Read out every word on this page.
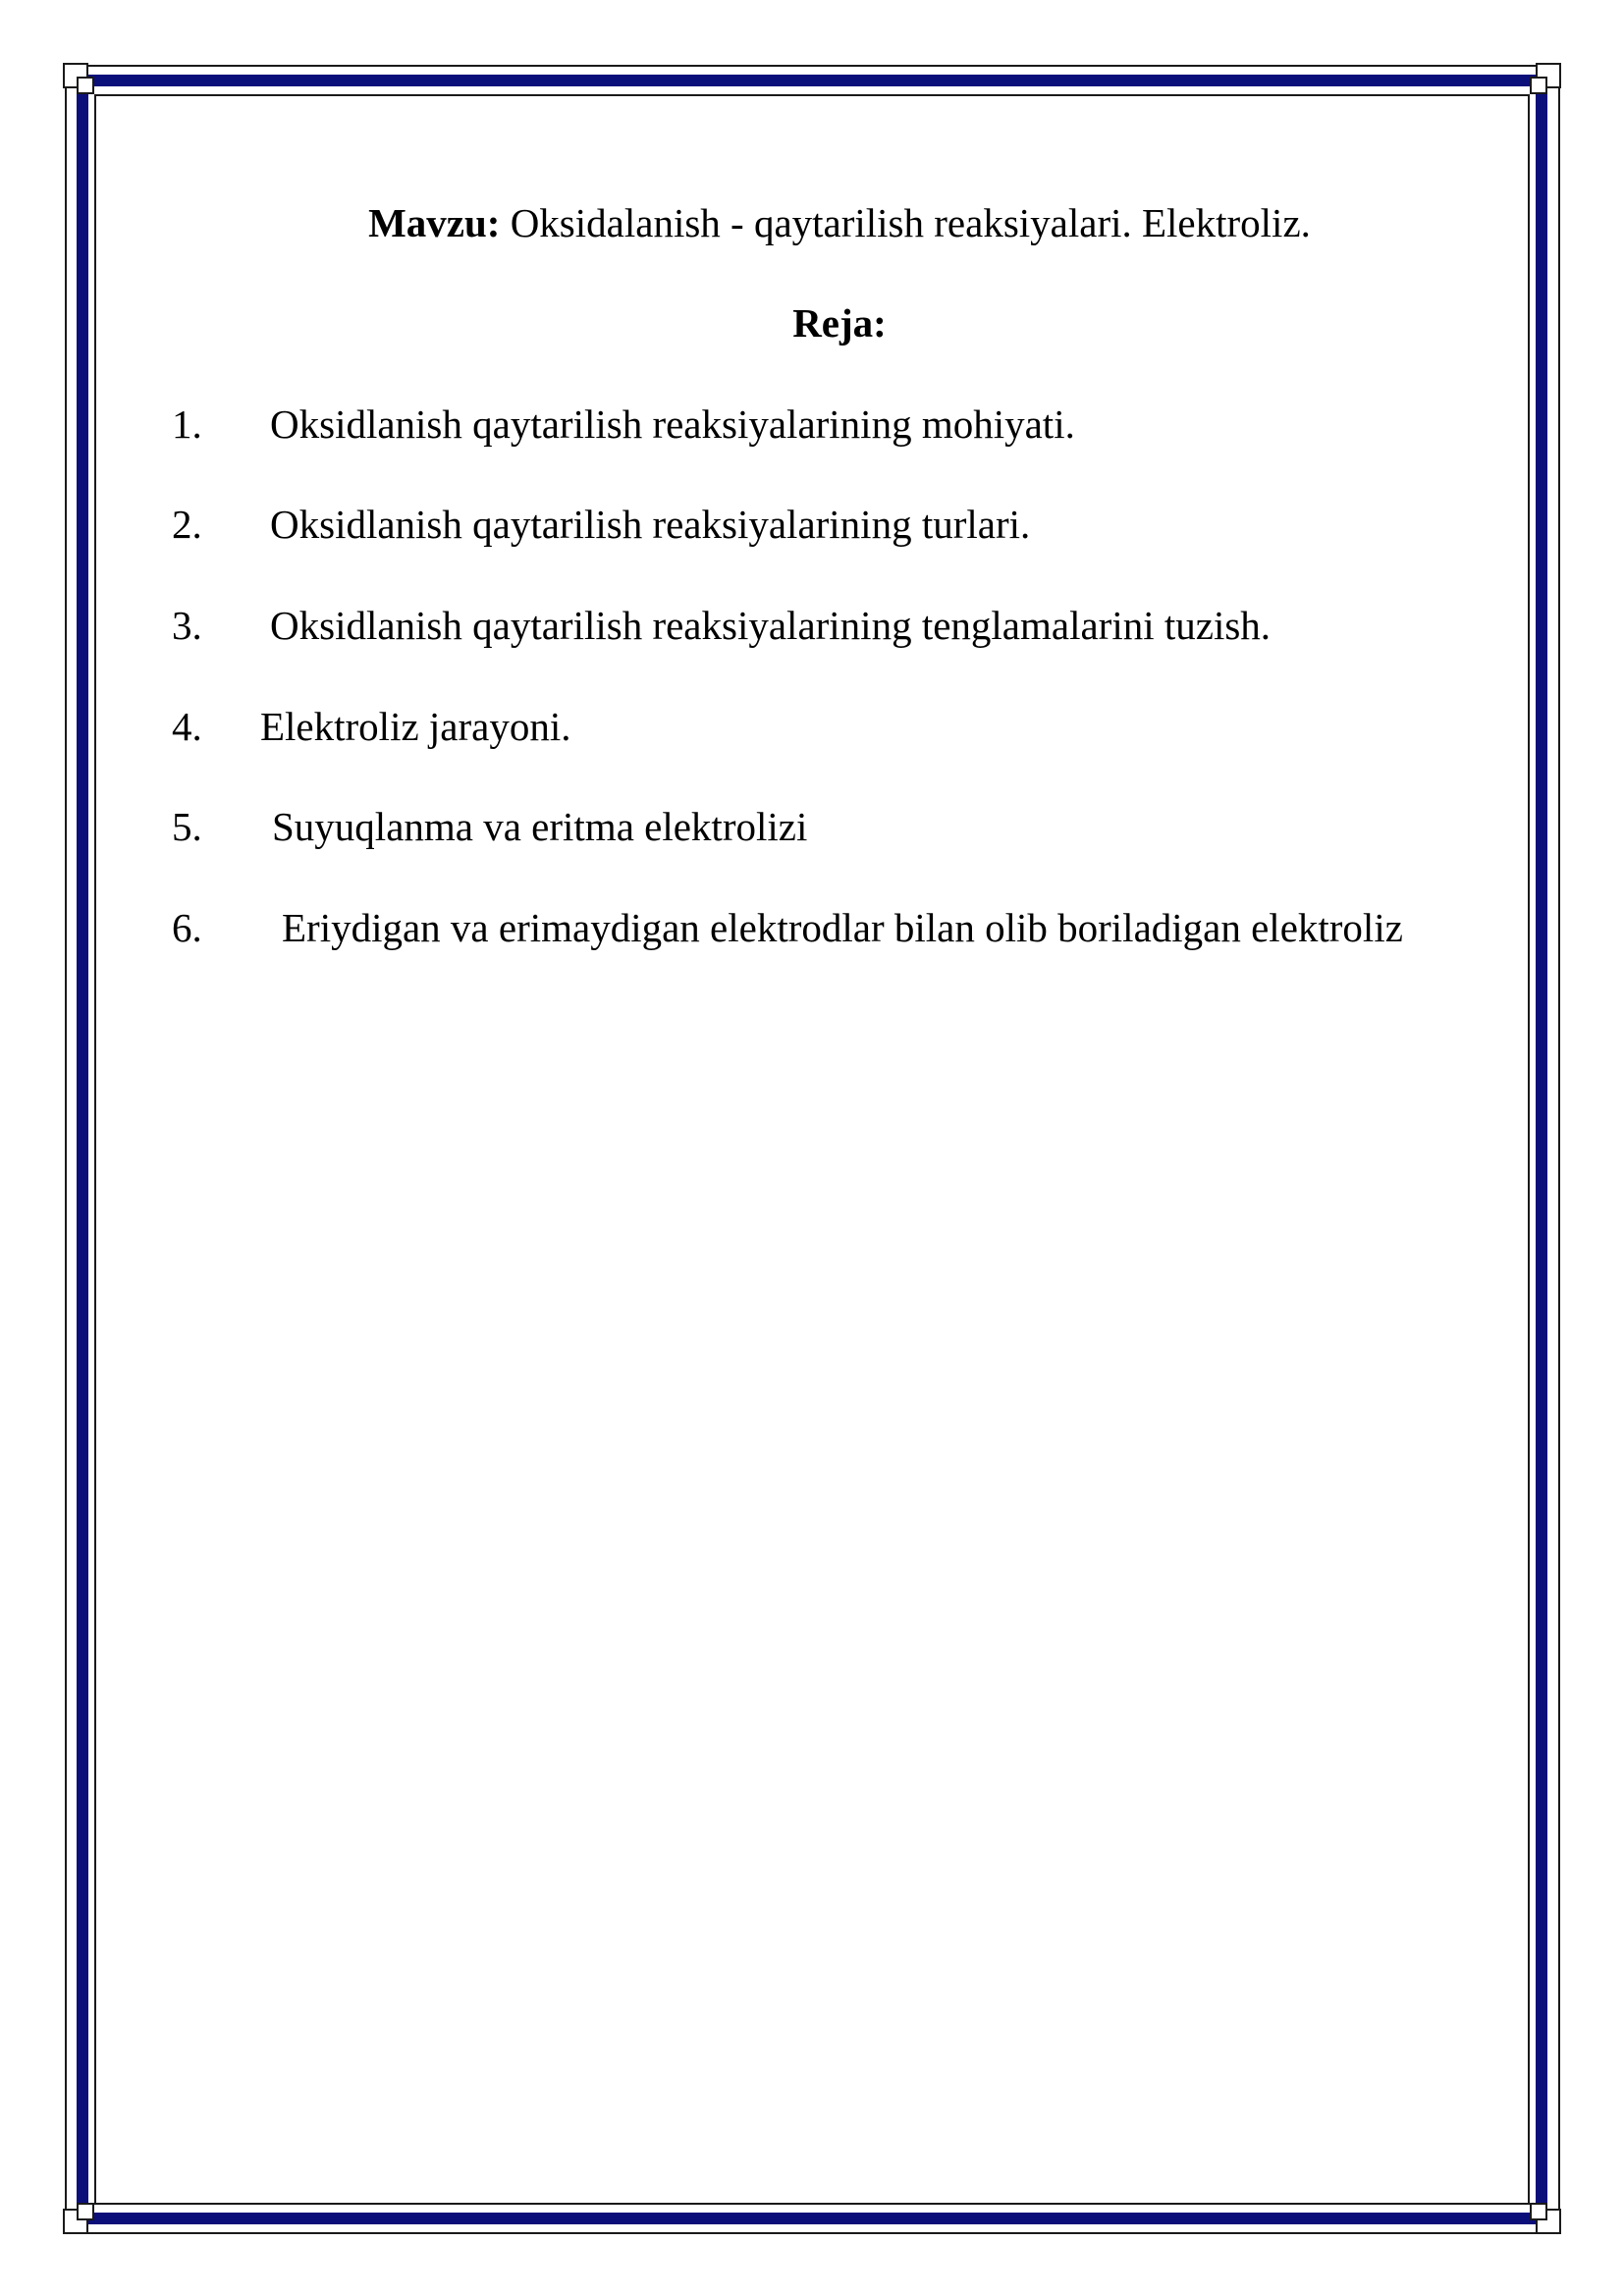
Mavzu: Oksidalanish - qaytarilish reaksiyalari. Elektroliz.
Reja:
1. Oksidlanish qaytarilish reaksiyalarining mohiyati.
2. Oksidlanish qaytarilish reaksiyalarining turlari.
3. Oksidlanish qaytarilish reaksiyalarining tenglamalarini tuzish.
4. Elektroliz jarayoni.
5. Suyuqlanma va eritma elektrolizi
6. Eriydigan va erimaydigan elektrodlar bilan olib boriladigan elektroliz
